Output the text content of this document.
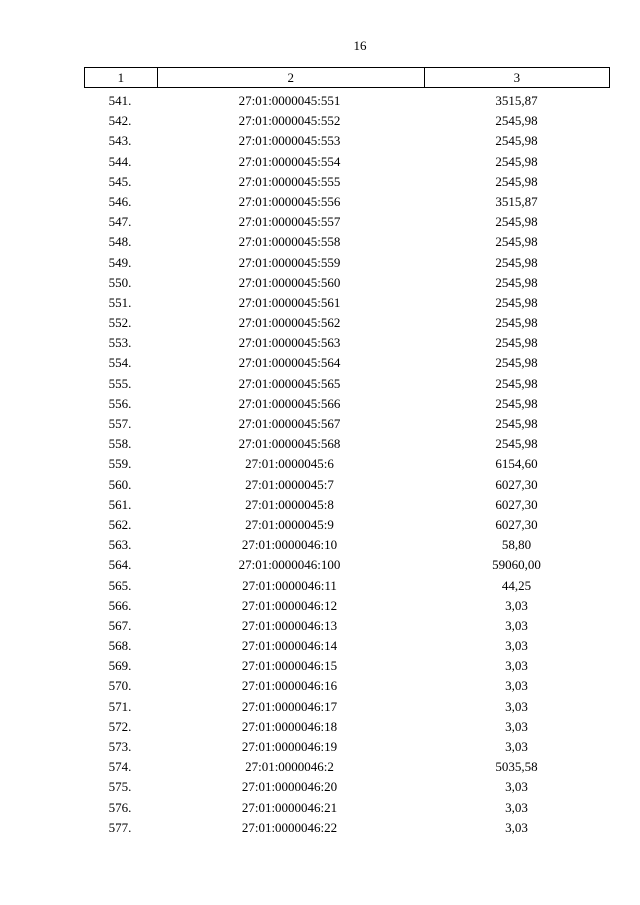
16
1	2	3
541.	27:01:0000045:551	3515,87
542.	27:01:0000045:552	2545,98
543.	27:01:0000045:553	2545,98
544.	27:01:0000045:554	2545,98
545.	27:01:0000045:555	2545,98
546.	27:01:0000045:556	3515,87
547.	27:01:0000045:557	2545,98
548.	27:01:0000045:558	2545,98
549.	27:01:0000045:559	2545,98
550.	27:01:0000045:560	2545,98
551.	27:01:0000045:561	2545,98
552.	27:01:0000045:562	2545,98
553.	27:01:0000045:563	2545,98
554.	27:01:0000045:564	2545,98
555.	27:01:0000045:565	2545,98
556.	27:01:0000045:566	2545,98
557.	27:01:0000045:567	2545,98
558.	27:01:0000045:568	2545,98
559.	27:01:0000045:6	6154,60
560.	27:01:0000045:7	6027,30
561.	27:01:0000045:8	6027,30
562.	27:01:0000045:9	6027,30
563.	27:01:0000046:10	58,80
564.	27:01:0000046:100	59060,00
565.	27:01:0000046:11	44,25
566.	27:01:0000046:12	3,03
567.	27:01:0000046:13	3,03
568.	27:01:0000046:14	3,03
569.	27:01:0000046:15	3,03
570.	27:01:0000046:16	3,03
571.	27:01:0000046:17	3,03
572.	27:01:0000046:18	3,03
573.	27:01:0000046:19	3,03
574.	27:01:0000046:2	5035,58
575.	27:01:0000046:20	3,03
576.	27:01:0000046:21	3,03
577.	27:01:0000046:22	3,03
